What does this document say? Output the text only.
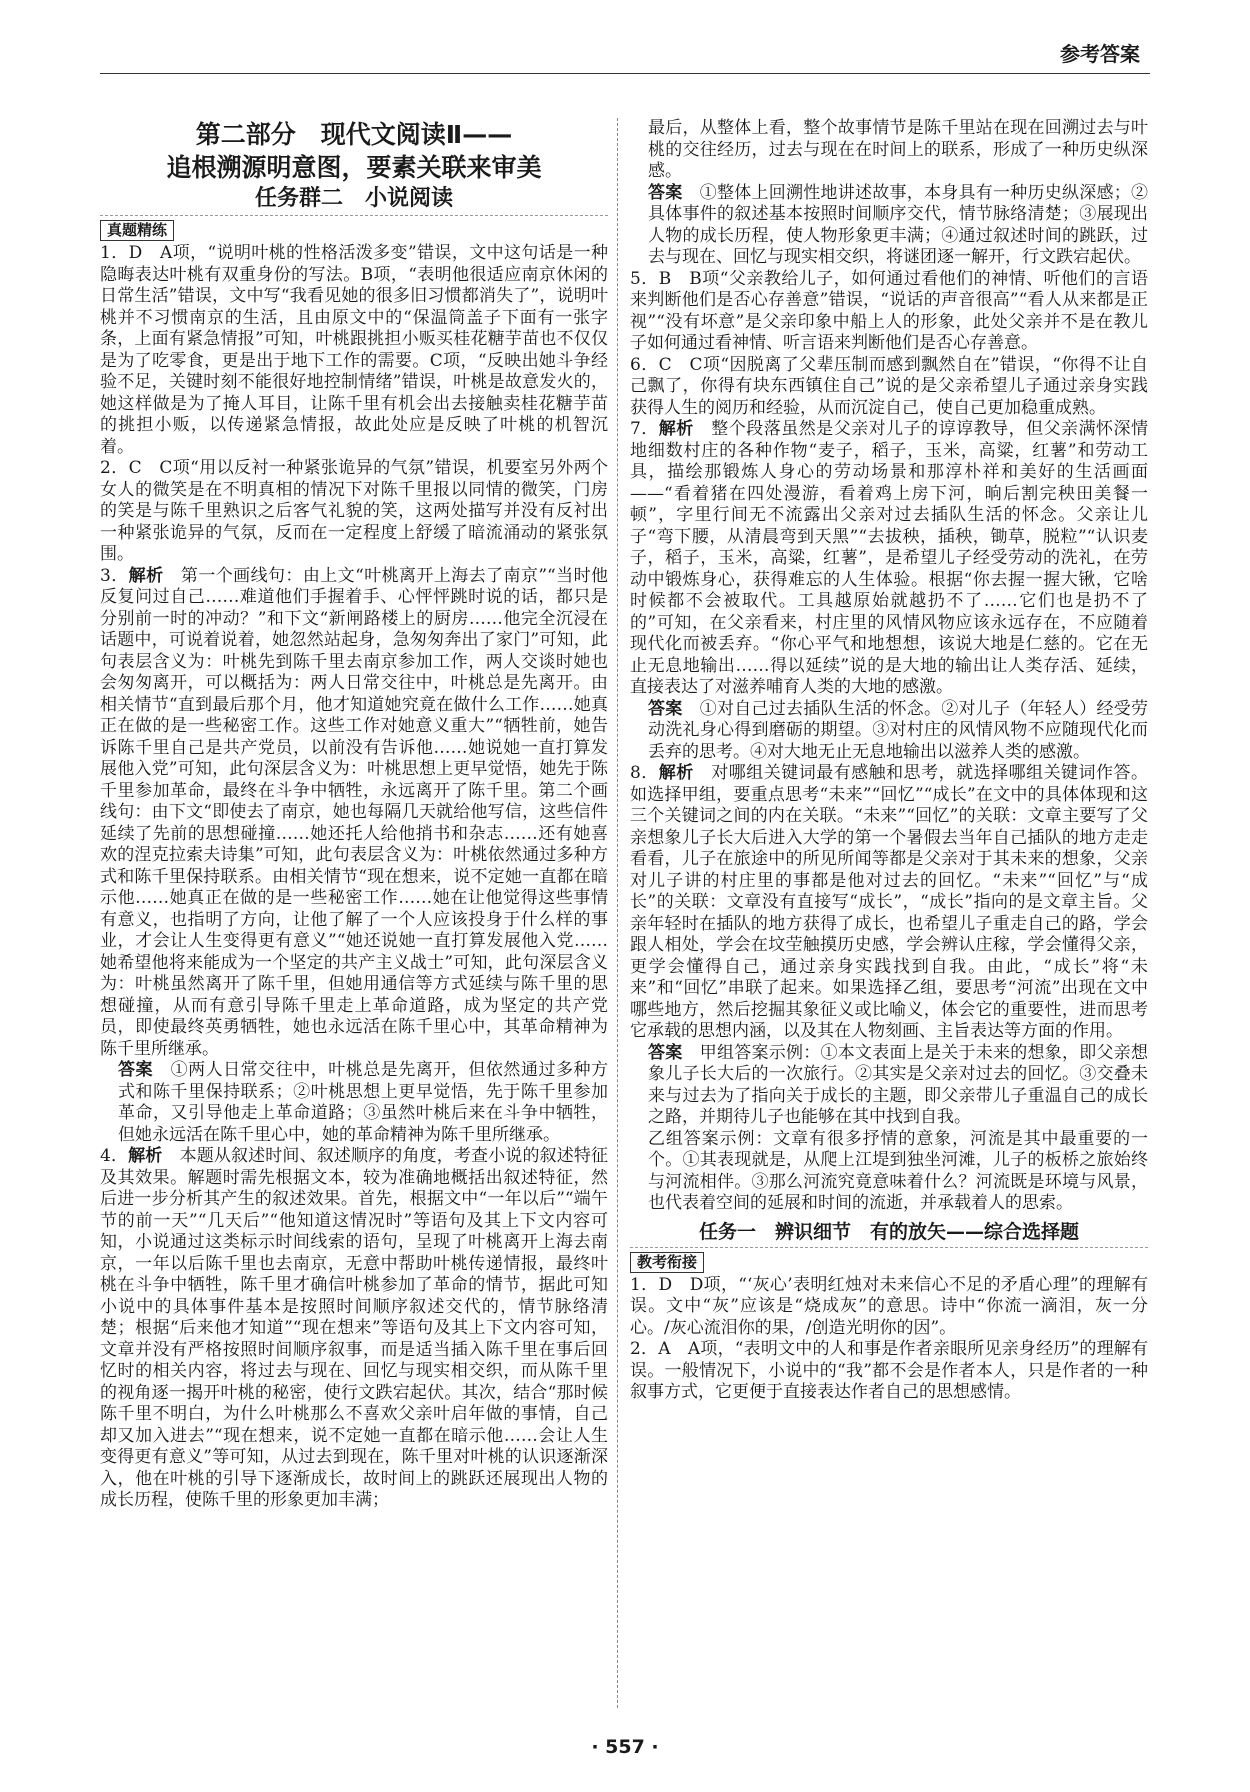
参考答案
第二部分　现代文阅读Ⅱ——
追根溯源明意图，要素关联来审美
任务群二　小说阅读
真题精练

1．D　A项，“说明叶桃的性格活泼多变”错误，文中这句话是一种隐晦表达叶桃有双重身份的写法。B项，“表明他很适应南京休闲的日常生活”错误，文中写“我看见她的很多旧习惯都消失了”，说明叶桃并不习惯南京的生活，且由原文中的“保温筒盖子下面有一张字条，上面有紧急情报”可知，叶桃跟挑担小贩买桂花糖芋苗也不仅仅是为了吃零食，更是出于地下工作的需要。C项，“反映出她斗争经验不足，关键时刻不能很好地控制情绪”错误，叶桃是故意发火的，她这样做是为了掩人耳目，让陈千里有机会出去接触卖桂花糖芋苗的挑担小贩，以传递紧急情报，故此处应是反映了叶桃的机智沉着。

2．C　C项“用以反衬一种紧张诡异的气氛”错误，机要室另外两个女人的微笑是在不明真相的情况下对陈千里报以同情的微笑，门房的笑是与陈千里熟识之后客气礼貌的笑，这两处描写并没有反衬出一种紧张诡异的气氛，反而在一定程度上舒缓了暗流涌动的紧张氛围。

3．解析　 第一个画线句：由上文“叶桃离开上海去了南京”“当时他反复问过自己……难道他们手握着手、心怦怦跳时说的话，都只是分别前一时的冲动？”和下文“新闸路楼上的厨房……他完全沉浸在话题中，可说着说着，她忽然站起身，急匆匆奔出了家门”可知，此句表层含义为：叶桃先到陈千里去南京参加工作，两人交谈时她也会匆匆离开，可以概括为：两人日常交往中，叶桃总是先离开。由相关情节“直到最后那个月，他才知道她究竟在做什么工作……她真正在做的是一些秘密工作。这些工作对她意义重大”“牺牲前，她告诉陈千里自己是共产党员，以前没有告诉他……她说她一直打算发展他入党”可知，此句深层含义为：叶桃思想上更早觉悟，她先于陈千里参加革命，最终在斗争中牺牲，永远离开了陈千里。第二个画线句：由下文“即使去了南京，她也每隔几天就给他写信，这些信件延续了先前的思想碰撞……她还托人给他捎书和杂志……还有她喜欢的涅克拉索夫诗集”可知，此句表层含义为：叶桃依然通过多种方式和陈千里保持联系。由相关情节“现在想来，说不定她一直都在暗示他……她真正在做的是一些秘密工作……她在让他觉得这些事情有意义，也指明了方向，让他了解了一个人应该投身于什么样的事业，才会让人生变得更有意义”“她还说她一直打算发展他入党……她希望他将来能成为一个坚定的共产主义战士”可知，此句深层含义为：叶桃虽然离开了陈千里，但她用通信等方式延续与陈千里的思想碰撞，从而有意引导陈千里走上革命道路，成为坚定的共产党员，即使最终英勇牺牲，她也永远活在陈千里心中，其革命精神为陈千里所继承。

答案　 ①两人日常交往中，叶桃总是先离开，但依然通过多种方式和陈千里保持联系；②叶桃思想上更早觉悟，先于陈千里参加革命，又引导他走上革命道路；③虽然叶桃后来在斗争中牺牲，但她永远活在陈千里心中，她的革命精神为陈千里所继承。

4．解析　 本题从叙述时间、叙述顺序的角度，考查小说的叙述特征及其效果。解题时需先根据文本，较为准确地概括出叙述特征，然后进一步分析其产生的叙述效果。首先，根据文中“一年以后”“端午节的前一天”“几天后”“他知道这情况时”等语句及其上下文内容可知，小说通过这类标示时间线索的语句，呈现了叶桃离开上海去南京，一年以后陈千里也去南京，无意中帮助叶桃传递情报，最终叶桃在斗争中牺牲，陈千里才确信叶桃参加了革命的情节，据此可知小说中的具体事件基本是按照时间顺序叙述交代的，情节脉络清楚；根据“后来他才知道”“现在想来”等语句及其上下文内容可知，文章并没有严格按照时间顺序叙事，而是适当插入陈千里在事后回忆时的相关内容，将过去与现在、回忆与现实相交织，而从陈千里的视角逐一揭开叶桃的秘密，使行文跌宕起伏。其次，结合“那时候陈千里不明白，为什么叶桃那么不喜欢父亲叶启年做的事情，自己却又加入进去”“现在想来，说不定她一直都在暗示他……会让人生变得更有意义”等可知，从过去到现在，陈千里对叶桃的认识逐渐深入，他在叶桃的引导下逐渐成长，故时间上的跳跃还展现出人物的成长历程，使陈千里的形象更加丰满；

最后，从整体上看，整个故事情节是陈千里站在现在回溯过去与叶桃的交往经历，过去与现在在时间上的联系，形成了一种历史纵深感。

答案　 ①整体上回溯性地讲述故事，本身具有一种历史纵深感；②具体事件的叙述基本按照时间顺序交代，情节脉络清楚；③展现出人物的成长历程，使人物形象更丰满；④通过叙述时间的跳跃，过去与现在、回忆与现实相交织，将谜团逐一解开，行文跌宕起伏。

5．B　B项“父亲教给儿子，如何通过看他们的神情、听他们的言语来判断他们是否心存善意”错误，“说话的声音很高”“看人从来都是正视”“没有坏意”是父亲印象中船上人的形象，此处父亲并不是在教儿子如何通过看神情、听言语来判断他们是否心存善意。

6．C　C项“因脱离了父辈压制而感到飘然自在”错误，“你得不让自己飘了，你得有块东西镇住自己”说的是父亲希望儿子通过亲身实践获得人生的阅历和经验，从而沉淀自己，使自己更加稳重成熟。

7．解析　 整个段落虽然是父亲对儿子的谆谆教导，但父亲满怀深情地细数村庄的各种作物“麦子，稻子，玉米，高粱，红薯”和劳动工具，描绘那锻炼人身心的劳动场景和那淳朴祥和美好的生活画面——“看着猪在四处漫游，看着鸡上房下河，晌后割完秧田美餐一顿”，字里行间无不流露出父亲对过去插队生活的怀念。父亲让儿子“弯下腰，从清晨弯到天黑”“去拔秧，插秧，锄草，脱粒”“认识麦子，稻子，玉米，高粱，红薯”，是希望儿子经受劳动的洗礼，在劳动中锻炼身心，获得难忘的人生体验。根据“你去握一握大锹，它啥时候都不会被取代。工具越原始就越扔不了……它们也是扔不了的”可知，在父亲看来，村庄里的风情风物应该永远存在，不应随着现代化而被丢弃。“你心平气和地想想，该说大地是仁慈的。它在无止无息地输出……得以延续”说的是大地的输出让人类存活、延续，直接表达了对滋养哺育人类的大地的感激。

答案　 ①对自己过去插队生活的怀念。②对儿子（年轻人）经受劳动洗礼身心得到磨砺的期望。③对村庄的风情风物不应随现代化而丢弃的思考。④对大地无止无息地输出以滋养人类的感激。

8．解析　 对哪组关键词最有感触和思考，就选择哪组关键词作答。如选择甲组，要重点思考“未来”“回忆”“成长”在文中的具体体现和这三个关键词之间的内在关联。“未来”“回忆”的关联：文章主要写了父亲想象儿子长大后进入大学的第一个暑假去当年自己插队的地方走走看看，儿子在旅途中的所见所闻等都是父亲对于其未来的想象，父亲对儿子讲的村庄里的事都是他对过去的回忆。“未来”“回忆”与“成长”的关联：文章没有直接写“成长”，“成长”指向的是文章主旨。父亲年轻时在插队的地方获得了成长，也希望儿子重走自己的路，学会跟人相处，学会在坟茔触摸历史感，学会辨认庄稼，学会懂得父亲，更学会懂得自己，通过亲身实践找到自我。由此，“成长”将“未来”和“回忆”串联了起来。如果选择乙组，要思考“河流”出现在文中哪些地方，然后挖掘其象征义或比喻义，体会它的重要性，进而思考它承载的思想内涵，以及其在人物刻画、主旨表达等方面的作用。

答案　 甲组答案示例：①本文表面上是关于未来的想象，即父亲想象儿子长大后的一次旅行。②其实是父亲对过去的回忆。③交叠未来与过去为了指向关于成长的主题，即父亲带儿子重温自己的成长之路，并期待儿子也能够在其中找到自我。

乙组答案示例：文章有很多抒情的意象，河流是其中最重要的一个。①其表现就是，从爬上江堤到独坐河滩，儿子的板桥之旅始终与河流相伴。③那么河流究竟意味着什么？河流既是环境与风景，也代表着空间的延展和时间的流逝，并承载着人的思索。

任务一　辨识细节　有的放矢——综合选择题
教考衔接

1．D　D项，“‘灰心’表明红烛对未来信心不足的矛盾心理”的理解有误。文中“灰”应该是“烧成灰”的意思。诗中“你流一滴泪，灰一分心。/灰心流泪你的果，/创造光明你的因”。

2．A　A项，“表明文中的人和事是作者亲眼所见亲身经历”的理解有误。一般情况下，小说中的“我”都不会是作者本人，只是作者的一种叙事方式，它更便于直接表达作者自己的思想感情。

· 557 ·
